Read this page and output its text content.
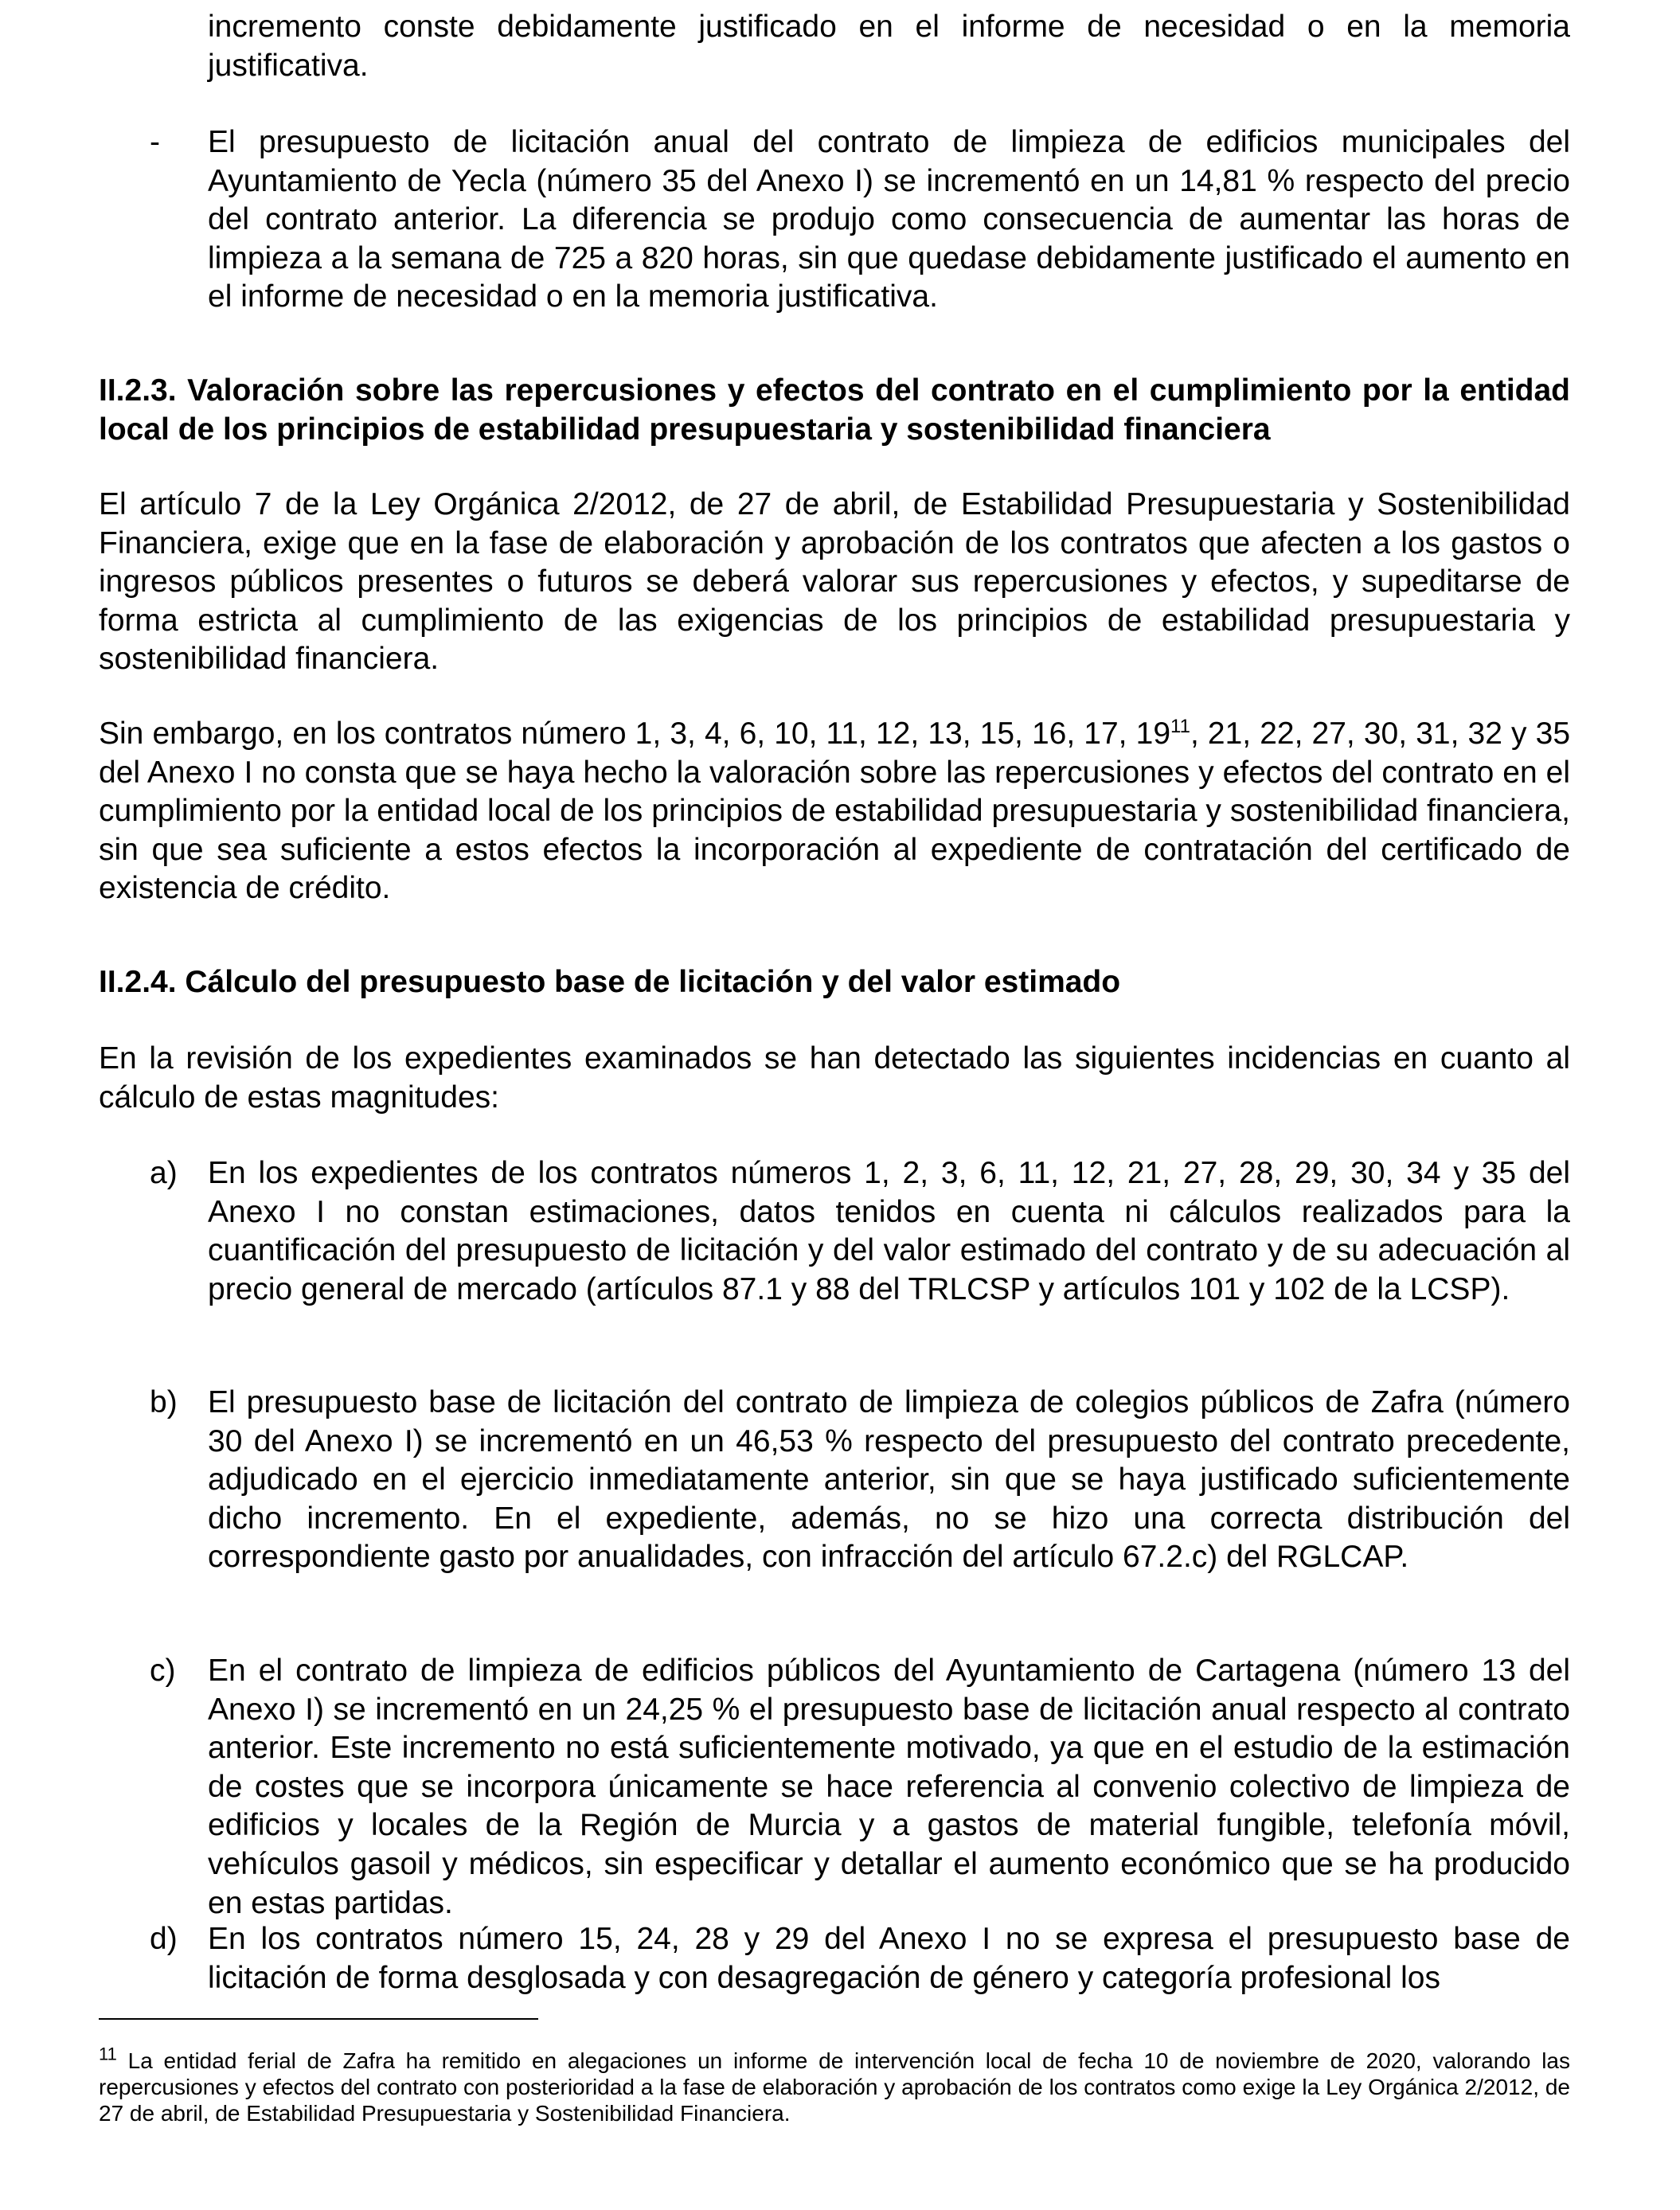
incremento conste debidamente justificado en el informe de necesidad o en la memoria justificativa.
- El presupuesto de licitación anual del contrato de limpieza de edificios municipales del Ayuntamiento de Yecla (número 35 del Anexo I) se incrementó en un 14,81 % respecto del precio del contrato anterior. La diferencia se produjo como consecuencia de aumentar las horas de limpieza a la semana de 725 a 820 horas, sin que quedase debidamente justificado el aumento en el informe de necesidad o en la memoria justificativa.

II.2.3. Valoración sobre las repercusiones y efectos del contrato en el cumplimiento por la entidad local de los principios de estabilidad presupuestaria y sostenibilidad financiera

El artículo 7 de la Ley Orgánica 2/2012, de 27 de abril, de Estabilidad Presupuestaria y Sostenibilidad Financiera, exige que en la fase de elaboración y aprobación de los contratos que afecten a los gastos o ingresos públicos presentes o futuros se deberá valorar sus repercusiones y efectos, y supeditarse de forma estricta al cumplimiento de las exigencias de los principios de estabilidad presupuestaria y sostenibilidad financiera.

Sin embargo, en los contratos número 1, 3, 4, 6, 10, 11, 12, 13, 15, 16, 17, $19^{11}$, 21, 22, 27, 30, 31, 32 y 35 del Anexo I no consta que se haya hecho la valoración sobre las repercusiones y efectos del contrato en el cumplimiento por la entidad local de los principios de estabilidad presupuestaria y sostenibilidad financiera, sin que sea suficiente a estos efectos la incorporación al expediente de contratación del certificado de existencia de crédito.

II.2.4. Cálculo del presupuesto base de licitación y del valor estimado

En la revisión de los expedientes examinados se han detectado las siguientes incidencias en cuanto al cálculo de estas magnitudes:

a) En los expedientes de los contratos números 1, 2, 3, 6, 11, 12, 21, 27, 28, 29, 30, 34 y 35 del Anexo I no constan estimaciones, datos tenidos en cuenta ni cálculos realizados para la cuantificación del presupuesto de licitación y del valor estimado del contrato y de su adecuación al precio general de mercado (artículos 87.1 y 88 del TRLCSP y artículos 101 y 102 de la LCSP).
b) El presupuesto base de licitación del contrato de limpieza de colegios públicos de Zafra (número 30 del Anexo I) se incrementó en un 46,53 % respecto del presupuesto del contrato precedente, adjudicado en el ejercicio inmediatamente anterior, sin que se haya justificado suficientemente dicho incremento. En el expediente, además, no se hizo una correcta distribución del correspondiente gasto por anualidades, con infracción del artículo 67.2.c) del RGLCAP.
c) En el contrato de limpieza de edificios públicos del Ayuntamiento de Cartagena (número 13 del Anexo I) se incrementó en un 24,25 % el presupuesto base de licitación anual respecto al contrato anterior. Este incremento no está suficientemente motivado, ya que en el estudio de la estimación de costes que se incorpora únicamente se hace referencia al convenio colectivo de limpieza de edificios y locales de la Región de Murcia y a gastos de material fungible, telefonía móvil, vehículos gasoil y médicos, sin especificar y detallar el aumento económico que se ha producido en estas partidas.
d) En los contratos número 15, 24, 28 y 29 del Anexo I no se expresa el presupuesto base de licitación de forma desglosada y con desagregación de género y categoría profesional los
$^{11}$ La entidad ferial de Zafra ha remitido en alegaciones un informe de intervención local de fecha 10 de noviembre de 2020, valorando las repercusiones y efectos del contrato con posterioridad a la fase de elaboración y aprobación de los contratos como exige la Ley Orgánica 2/2012, de 27 de abril, de Estabilidad Presupuestaria y Sostenibilidad Financiera.
